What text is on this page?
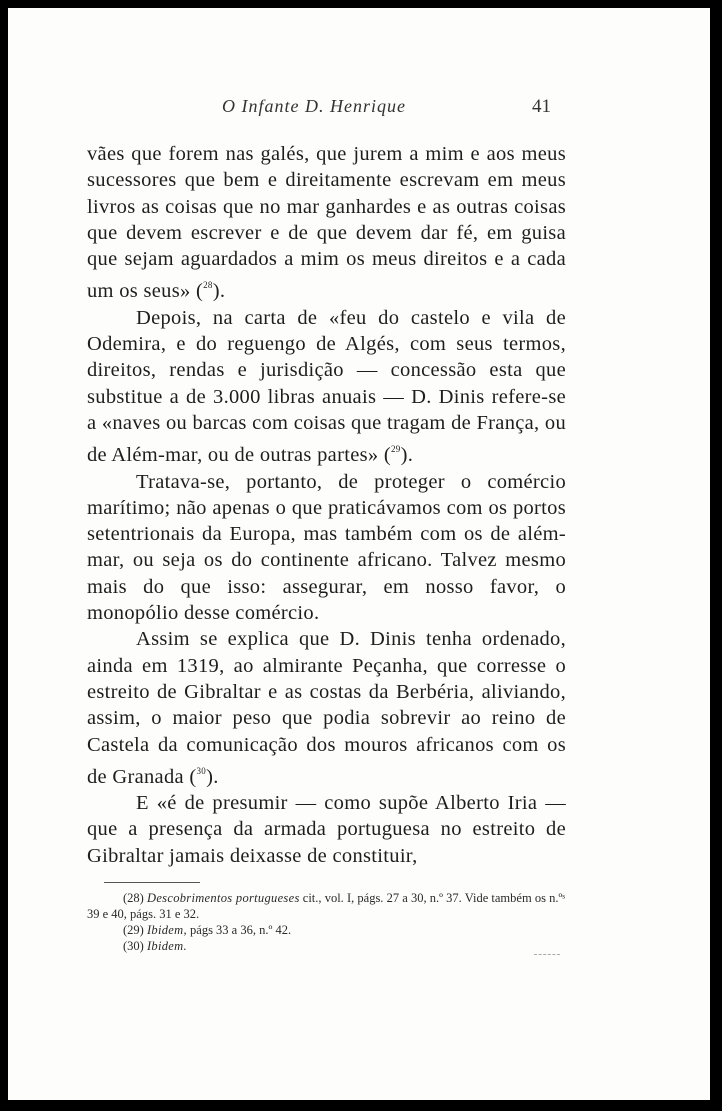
O Infante D. Henrique	41

vães que forem nas galés, que jurem a mim e aos meus sucessores que bem e direitamente escrevam em meus livros as coisas que no mar ganhardes e as outras coisas que devem escrever e de que devem dar fé, em guisa que sejam aguardados a mim os meus direitos e a cada um os seus» ($^{28}$).

Depois, na carta de «feu do castelo e vila de Odemira, e do reguengo de Algés, com seus termos, direitos, rendas e jurisdição — concessão esta que substitue a de 3.000 libras anuais — D. Dinis refere-se a «naves ou barcas com coisas que tragam de França, ou de Além-mar, ou de outras partes» ($^{29}$).

Tratava-se, portanto, de proteger o comércio marítimo; não apenas o que praticávamos com os portos setentrionais da Europa, mas também com os de além-mar, ou seja os do continente africano. Talvez mesmo mais do que isso: assegurar, em nosso favor, o monopólio desse comércio.

Assim se explica que D. Dinis tenha ordenado, ainda em 1319, ao almirante Peçanha, que corresse o estreito de Gibraltar e as costas da Berbéria, aliviando, assim, o maior peso que podia sobrevir ao reino de Castela da comunicação dos mouros africanos com os de Granada ($^{30}$).

E «é de presumir — como supõe Alberto Iria — que a presença da armada portuguesa no estreito de Gibraltar jamais deixasse de constituir,

(28) Descobrimentos portugueses cit., vol. I, págs. 27 a 30, n.º 37. Vide também os n.ºˢ 39 e 40, págs. 31 e 32.
(29) Ibidem, págs 33 a 36, n.º 42.
(30) Ibidem.
